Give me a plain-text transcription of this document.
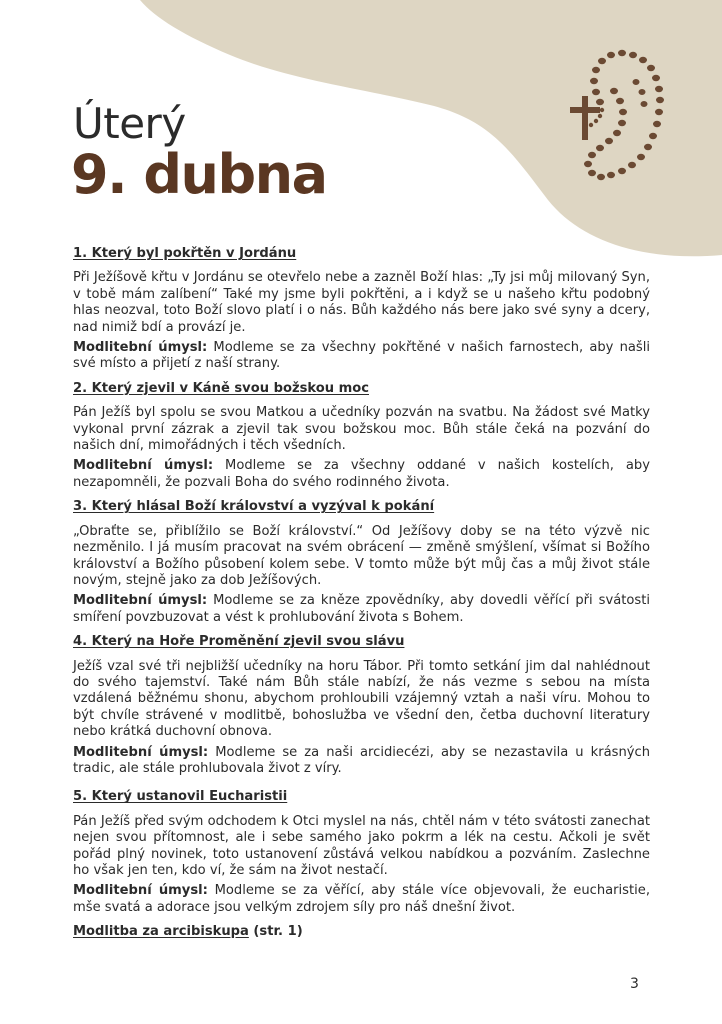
Úterý
9. dubna
1. Který byl pokřtěn v Jordánu

Při Ježíšově křtu v Jordánu se otevřelo nebe a zazněl Boží hlas: „Ty jsi můj milovaný Syn, v tobě mám zalíbení“ Také my jsme byli pokřtěni, a i když se u našeho křtu podobný hlas neozval, toto Boží slovo platí i o nás. Bůh každého nás bere jako své syny a dcery, nad nimiž bdí a provází je.

Modlitební úmysl: Modleme se za všechny pokřtěné v našich farnostech, aby našli své místo a přijetí z naší strany.

2. Který zjevil v Káně svou božskou moc

Pán Ježíš byl spolu se svou Matkou a učedníky pozván na svatbu. Na žádost své Matky vykonal první zázrak a zjevil tak svou božskou moc. Bůh stále čeká na pozvání do našich dní, mimořádných i těch všedních.

Modlitební úmysl: Modleme se za všechny oddané v našich kostelích, aby nezapomněli, že pozvali Boha do svého rodinného života.

3. Který hlásal Boží království a vyzýval k pokání

„Obraťte se, přiblížilo se Boží království.“ Od Ježíšovy doby se na této výzvě nic nezměnilo. I já musím pracovat na svém obrácení — změně smýšlení, všímat si Božího království a Božího působení kolem sebe. V tomto může být můj čas a můj život stále novým, stejně jako za dob Ježíšových.

Modlitební úmysl: Modleme se za kněze zpovědníky, aby dovedli věřící při svátosti smíření povzbuzovat a vést k prohlubování života s Bohem.

4. Který na Hoře Proměnění zjevil svou slávu

Ježíš vzal své tři nejbližší učedníky na horu Tábor. Při tomto setkání jim dal nahlédnout do svého tajemství. Také nám Bůh stále nabízí, že nás vezme s sebou na místa vzdálená běžnému shonu, abychom prohloubili vzájemný vztah a naši víru. Mohou to být chvíle strávené v modlitbě, bohoslužba ve všední den, četba duchovní literatury nebo krátká duchovní obnova.

Modlitební úmysl: Modleme se za naši arcidiecézi, aby se nezastavila u krásných tradic, ale stále prohlubovala život z víry.

5. Který ustanovil Eucharistii

Pán Ježíš před svým odchodem k Otci myslel na nás, chtěl nám v této svátosti zanechat nejen svou přítomnost, ale i sebe samého jako pokrm a lék na cestu. Ačkoli je svět pořád plný novinek, toto ustanovení zůstává velkou nabídkou a pozváním. Zaslechne ho však jen ten, kdo ví, že sám na život nestačí.

Modlitební úmysl: Modleme se za věřící, aby stále více objevovali, že eucharistie, mše svatá a adorace jsou velkým zdrojem síly pro náš dnešní život.

Modlitba za arcibiskupa (str. 1)
3
